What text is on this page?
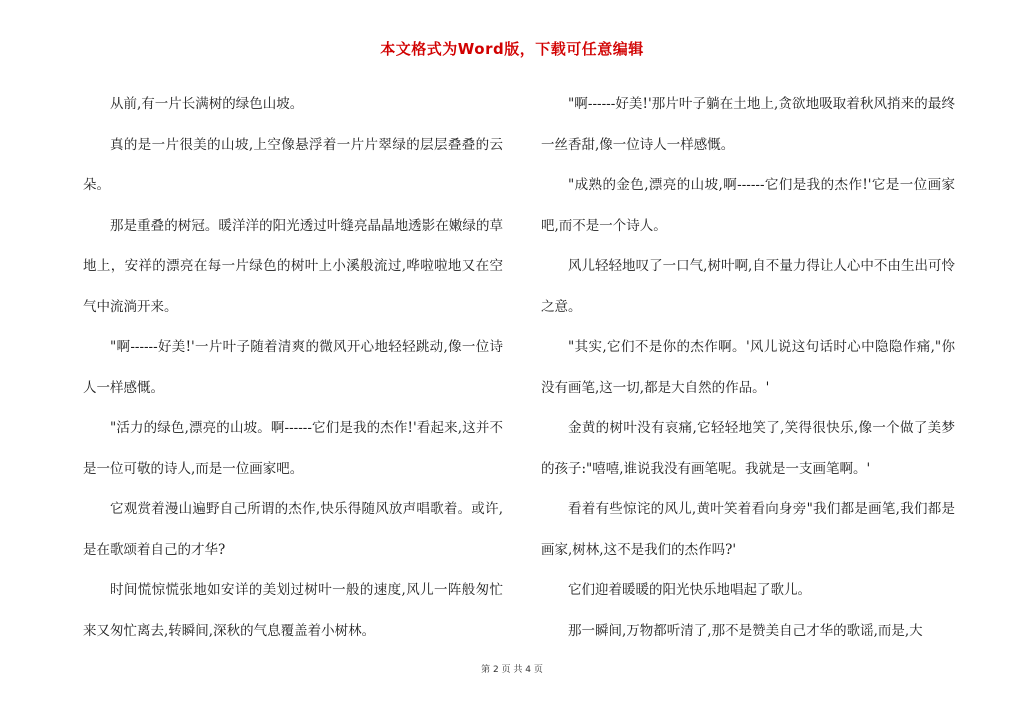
本文格式为Word版，下载可任意编辑

从前,有一片长满树的绿色山坡。

真的是一片很美的山坡,上空像悬浮着一片片翠绿的层层叠叠的云朵。

那是重叠的树冠。暖洋洋的阳光透过叶缝亮晶晶地透影在嫩绿的草地上，安祥的漂亮在每一片绿色的树叶上小溪般流过,哗啦啦地又在空气中流淌开来。

"啊------好美!'一片叶子随着清爽的微风开心地轻轻跳动,像一位诗人一样感慨。

"活力的绿色,漂亮的山坡。啊------它们是我的杰作!'看起来,这并不是一位可敬的诗人,而是一位画家吧。

它观赏着漫山遍野自己所谓的杰作,快乐得随风放声唱歌着。或许,是在歌颂着自己的才华?

时间慌惊慌张地如安详的美划过树叶一般的速度,风儿一阵般匆忙来又匆忙离去,转瞬间,深秋的气息覆盖着小树林。

"啊------好美!'那片叶子躺在土地上,贪欲地吸取着秋风捎来的最终一丝香甜,像一位诗人一样感慨。

"成熟的金色,漂亮的山坡,啊------它们是我的杰作!'它是一位画家吧,而不是一个诗人。

风儿轻轻地叹了一口气,树叶啊,自不量力得让人心中不由生出可怜之意。

"其实,它们不是你的杰作啊。'风儿说这句话时心中隐隐作痛,"你没有画笔,这一切,都是大自然的作品。'

金黄的树叶没有哀痛,它轻轻地笑了,笑得很快乐,像一个做了美梦的孩子:"嘻嘻,谁说我没有画笔呢。我就是一支画笔啊。'

看着有些惊诧的风儿,黄叶笑着看向身旁"我们都是画笔,我们都是画家,树林,这不是我们的杰作吗?'

它们迎着暖暖的阳光快乐地唱起了歌儿。

那一瞬间,万物都听清了,那不是赞美自己才华的歌谣,而是,大

第 2 页 共 4 页
